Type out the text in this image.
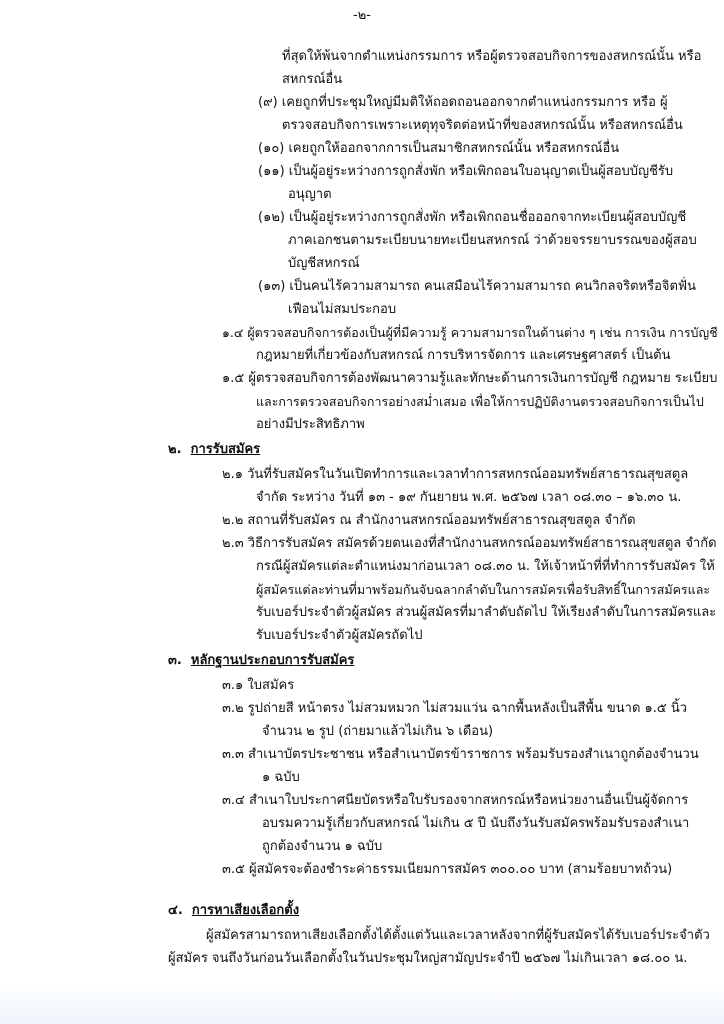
-๒-
ที่สุดให้พ้นจากตำแหน่งกรรมการ หรือผู้ตรวจสอบกิจการของสหกรณ์นั้น หรือ
สหกรณ์อื่น
(๙) เคยถูกที่ประชุมใหญ่มีมติให้ถอดถอนออกจากตำแหน่งกรรมการ หรือ ผู้
ตรวจสอบกิจการเพราะเหตุทุจริตต่อหน้าที่ของสหกรณ์นั้น หรือสหกรณ์อื่น
(๑๐) เคยถูกให้ออกจากการเป็นสมาชิกสหกรณ์นั้น หรือสหกรณ์อื่น
(๑๑) เป็นผู้อยู่ระหว่างการถูกสั่งพัก หรือเพิกถอนใบอนุญาตเป็นผู้สอบบัญชีรับ
อนุญาต
(๑๒) เป็นผู้อยู่ระหว่างการถูกสั่งพัก หรือเพิกถอนชื่อออกจากทะเบียนผู้สอบบัญชี
ภาคเอกชนตามระเบียบนายทะเบียนสหกรณ์ ว่าด้วยจรรยาบรรณของผู้สอบ
บัญชีสหกรณ์
(๑๓) เป็นคนไร้ความสามารถ คนเสมือนไร้ความสามารถ คนวิกลจริตหรือจิตฟั่น
เฟือนไม่สมประกอบ
๑.๔ ผู้ตรวจสอบกิจการต้องเป็นผู้ที่มีความรู้ ความสามารถในด้านต่าง ๆ เช่น การเงิน การบัญชี
กฎหมายที่เกี่ยวข้องกับสหกรณ์ การบริหารจัดการ และเศรษฐศาสตร์ เป็นต้น
๑.๕ ผู้ตรวจสอบกิจการต้องพัฒนาความรู้และทักษะด้านการเงินการบัญชี กฎหมาย ระเบียบ
และการตรวจสอบกิจการอย่างสม่ำเสมอ เพื่อให้การปฏิบัติงานตรวจสอบกิจการเป็นไป
อย่างมีประสิทธิภาพ
๒. การรับสมัคร
๒.๑ วันที่รับสมัครในวันเปิดทำการและเวลาทำการสหกรณ์ออมทรัพย์สาธารณสุขสตูล
จำกัด ระหว่าง วันที่ ๑๓ - ๑๙ กันยายน พ.ศ. ๒๕๖๗ เวลา ๐๘.๓๐ – ๑๖.๓๐ น.
๒.๒ สถานที่รับสมัคร ณ สำนักงานสหกรณ์ออมทรัพย์สาธารณสุขสตูล จำกัด
๒.๓ วิธีการรับสมัคร สมัครด้วยตนเองที่สำนักงานสหกรณ์ออมทรัพย์สาธารณสุขสตูล จำกัด
กรณีผู้สมัครแต่ละตำแหน่งมาก่อนเวลา ๐๘.๓๐ น. ให้เจ้าหน้าที่ที่ทำการรับสมัคร ให้
ผู้สมัครแต่ละท่านที่มาพร้อมกันจับฉลากลำดับในการสมัครเพื่อรับสิทธิ์ในการสมัครและ
รับเบอร์ประจำตัวผู้สมัคร ส่วนผู้สมัครที่มาลำดับถัดไป ให้เรียงลำดับในการสมัครและ
รับเบอร์ประจำตัวผู้สมัครถัดไป
๓. หลักฐานประกอบการรับสมัคร
๓.๑ ใบสมัคร
๓.๒ รูปถ่ายสี หน้าตรง ไม่สวมหมวก ไม่สวมแว่น ฉากพื้นหลังเป็นสีพื้น ขนาด ๑.๕ นิ้ว
จำนวน ๒ รูป (ถ่ายมาแล้วไม่เกิน ๖ เดือน)
๓.๓ สำเนาบัตรประชาชน หรือสำเนาบัตรข้าราชการ พร้อมรับรองสำเนาถูกต้องจำนวน
๑ ฉบับ
๓.๔ สำเนาใบประกาศนียบัตรหรือใบรับรองจากสหกรณ์หรือหน่วยงานอื่นเป็นผู้จัดการ
อบรมความรู้เกี่ยวกับสหกรณ์ ไม่เกิน ๕ ปี นับถึงวันรับสมัครพร้อมรับรองสำเนา
ถูกต้องจำนวน ๑ ฉบับ
๓.๕ ผู้สมัครจะต้องชำระค่าธรรมเนียมการสมัคร ๓๐๐.๐๐ บาท (สามร้อยบาทถ้วน)
๔. การหาเสียงเลือกตั้ง
ผู้สมัครสามารถหาเสียงเลือกตั้งได้ตั้งแต่วันและเวลาหลังจากที่ผู้รับสมัครได้รับเบอร์ประจำตัว
ผู้สมัคร จนถึงวันก่อนวันเลือกตั้งในวันประชุมใหญ่สามัญประจำปี ๒๕๖๗ ไม่เกินเวลา ๑๘.๐๐ น.
